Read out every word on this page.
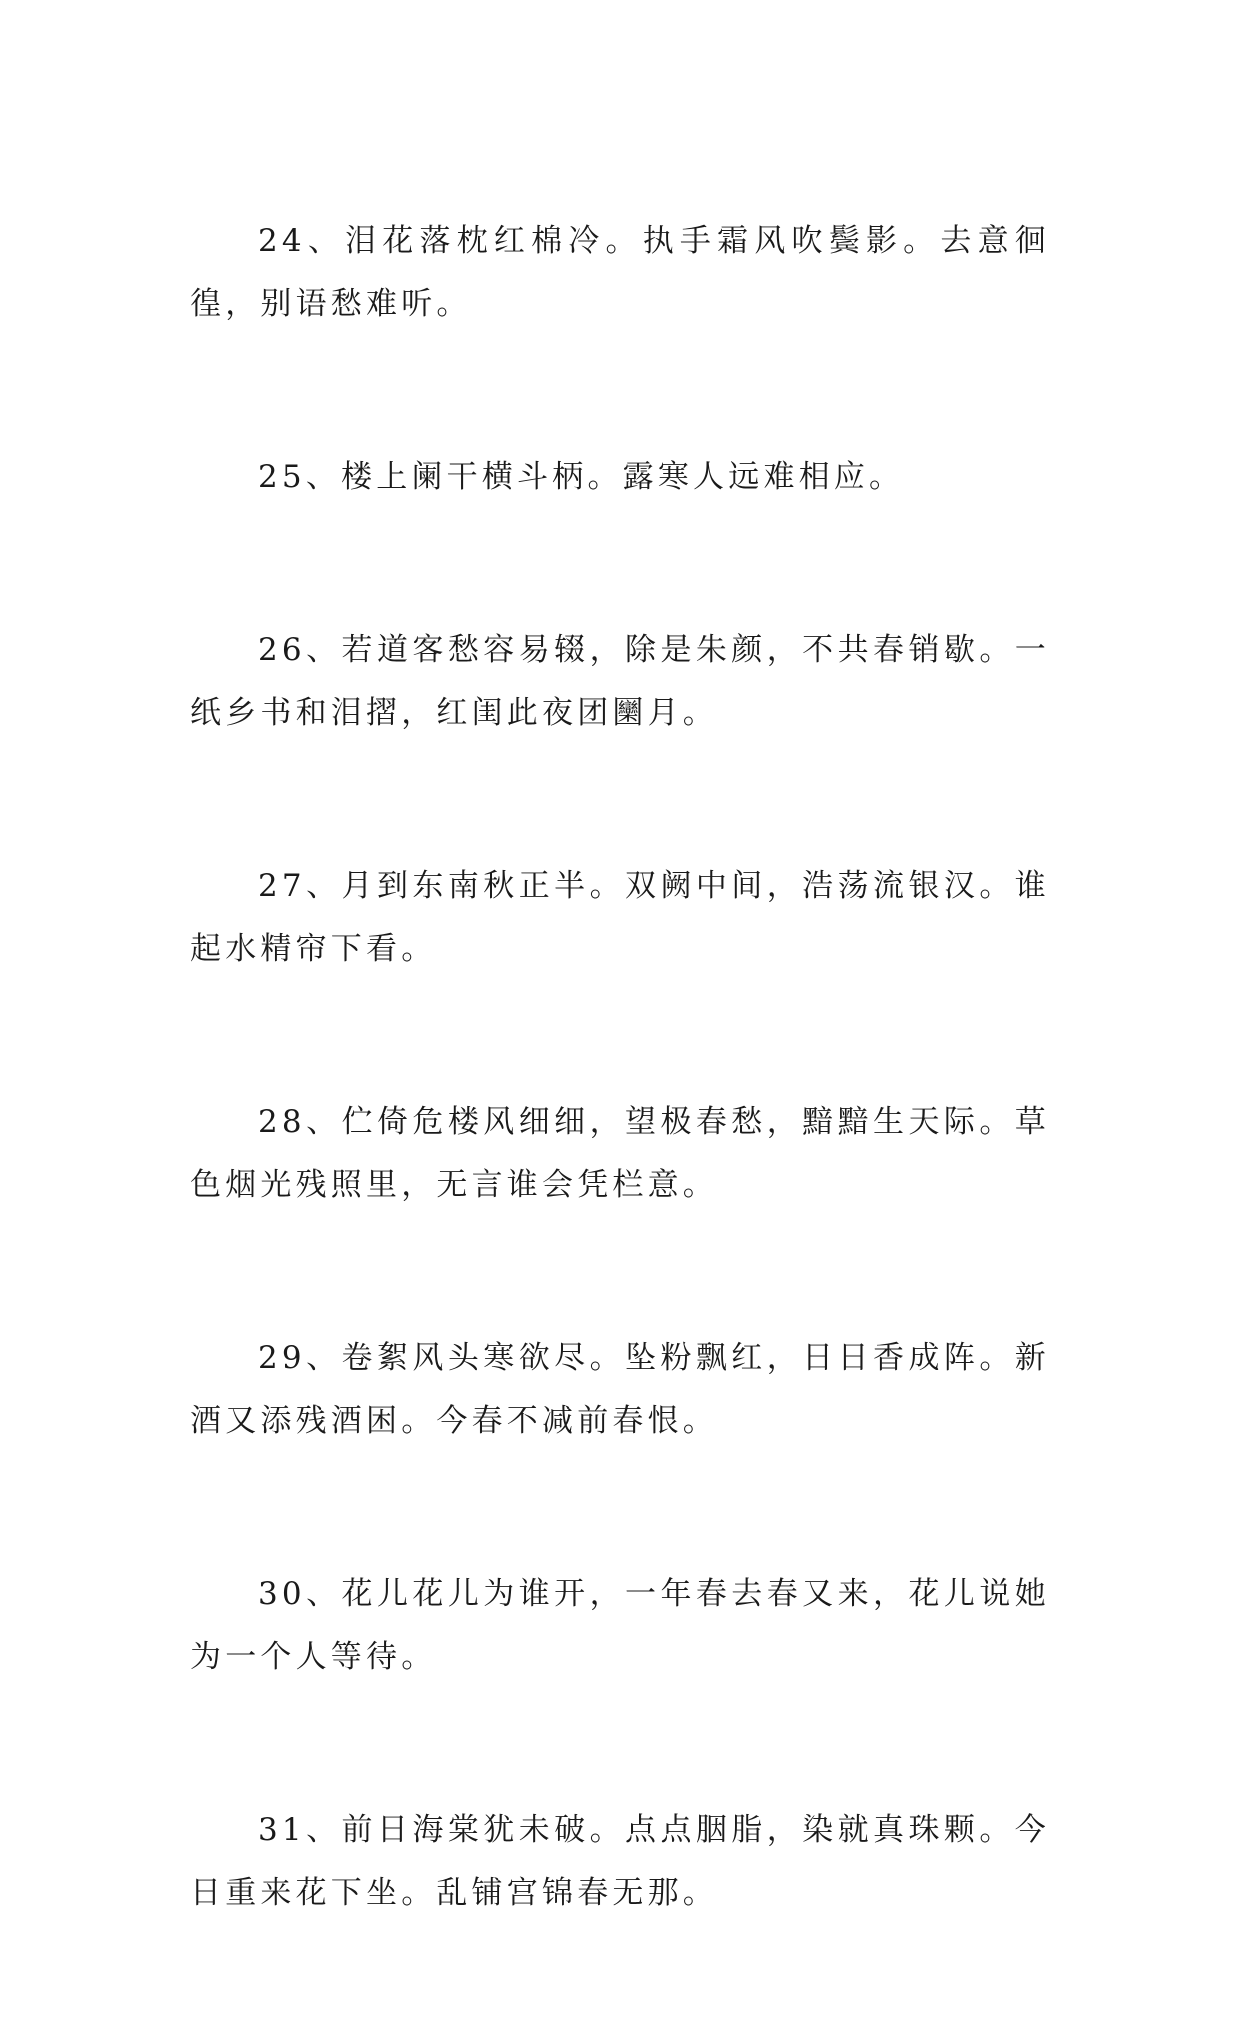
24、泪花落枕红棉冷。执手霜风吹鬓影。去意徊徨，别语愁难听。

25、楼上阑干横斗柄。露寒人远难相应。

26、若道客愁容易辍，除是朱颜，不共春销歇。一纸乡书和泪摺，红闺此夜团圞月。

27、月到东南秋正半。双阙中间，浩荡流银汉。谁起水精帘下看。

28、伫倚危楼风细细，望极春愁，黯黯生天际。草色烟光残照里，无言谁会凭栏意。

29、卷絮风头寒欲尽。坠粉飘红，日日香成阵。新酒又添残酒困。今春不减前春恨。

30、花儿花儿为谁开，一年春去春又来，花儿说她为一个人等待。

31、前日海棠犹未破。点点胭脂，染就真珠颗。今日重来花下坐。乱铺宫锦春无那。
